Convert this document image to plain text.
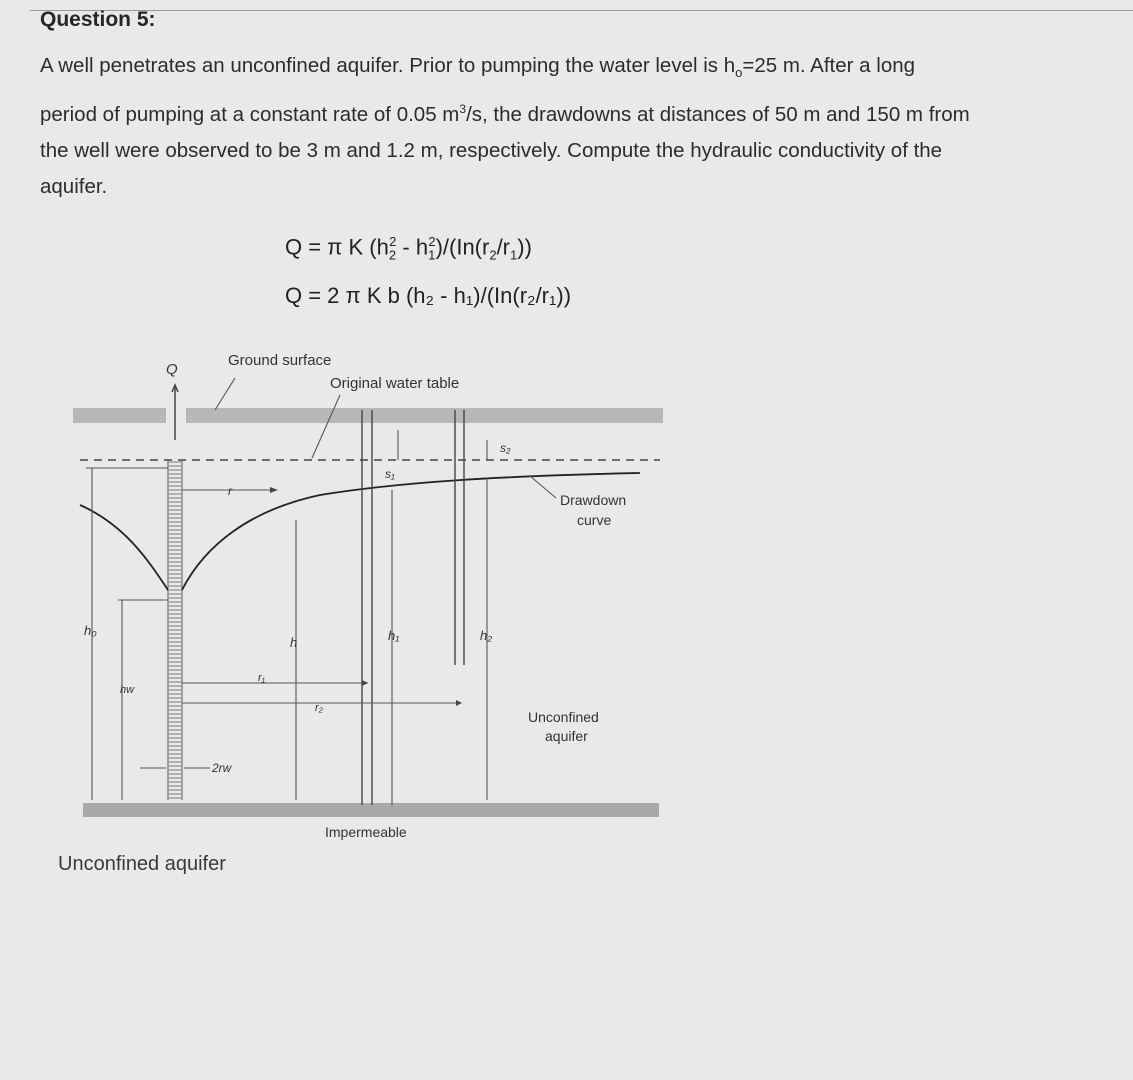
Question 5:
A well penetrates an unconfined aquifer. Prior to pumping the water level is $h_o=25$ m. After a long
period of pumping at a constant rate of 0.05 $m^3/s$, the drawdowns at distances of 50 m and 150 m from
the well were observed to be 3 m and 1.2 m, respectively. Compute the hydraulic conductivity of the
aquifer.
Q = π K $(h_2^2 - h_1^2)/(In(r_2/r_1))$
Q = 2 π K b (h₂ - h₁)/(In(r₂/r₁))
Q
Ground surface
Original water table
s₁
s₂
r
Drawdown
curve
h₀
hw
h	h₁	h₂
r₁
r₂
2rw
Unconfined
aquifer
Impermeable
Unconfined aquifer
